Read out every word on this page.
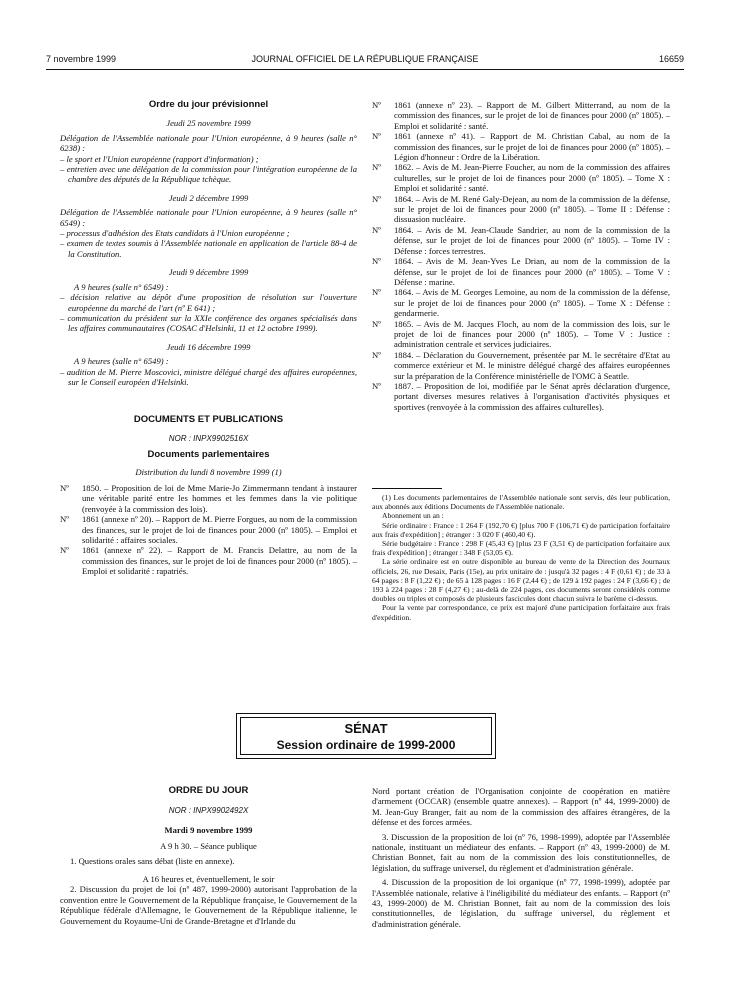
7 novembre 1999	JOURNAL OFFICIEL DE LA RÉPUBLIQUE FRANÇAISE	16659

Ordre du jour prévisionnel

Jeudi 25 novembre 1999

Délégation de l'Assemblée nationale pour l'Union européenne, à 9 heures (salle n° 6238) :

– le sport et l'Union européenne (rapport d'information) ;

– entretien avec une délégation de la commission pour l'intégration européenne de la chambre des députés de la République tchèque.

Jeudi 2 décembre 1999

Délégation de l'Assemblée nationale pour l'Union européenne, à 9 heures (salle n° 6549) :

– processus d'adhésion des Etats candidats à l'Union européenne ;

– examen de textes soumis à l'Assemblée nationale en application de l'article 88-4 de la Constitution.

Jeudi 9 décembre 1999

A 9 heures (salle n° 6549) :

– décision relative au dépôt d'une proposition de résolution sur l'ouverture européenne du marché de l'art (nº E 641) ;

– communication du président sur la XXIe conférence des organes spécialisés dans les affaires communautaires (COSAC d'Helsinki, 11 et 12 octobre 1999).

Jeudi 16 décembre 1999

A 9 heures (salle n° 6549) :

– audition de M. Pierre Moscovici, ministre délégué chargé des affaires européennes, sur le Conseil européen d'Helsinki.

DOCUMENTS ET PUBLICATIONS

NOR : INPX9902516X

Documents parlementaires

Distribution du lundi 8 novembre 1999 (1)

Nº	1850. – Proposition de loi de Mme Marie-Jo Zimmermann tendant à instaurer une véritable parité entre les hommes et les femmes dans la vie politique (renvoyée à la commission des lois).
Nº	1861 (annexe nº 20). – Rapport de M. Pierre Forgues, au nom de la commission des finances, sur le projet de loi de finances pour 2000 (nº 1805). – Emploi et solidarité : affaires sociales.
Nº	1861 (annexe nº 22). – Rapport de M. Francis Delattre, au nom de la commission des finances, sur le projet de loi de finances pour 2000 (nº 1805). – Emploi et solidarité : rapatriés.
Nº	1861 (annexe nº 23). – Rapport de M. Gilbert Mitterrand, au nom de la commission des finances, sur le projet de loi de finances pour 2000 (nº 1805). – Emploi et solidarité : santé.
Nº	1861 (annexe nº 41). – Rapport de M. Christian Cabal, au nom de la commission des finances, sur le projet de loi de finances pour 2000 (nº 1805). – Légion d'honneur : Ordre de la Libération.
Nº	1862. – Avis de M. Jean-Pierre Foucher, au nom de la commission des affaires culturelles, sur le projet de loi de finances pour 2000 (nº 1805). – Tome X : Emploi et solidarité : santé.
Nº	1864. – Avis de M. René Galy-Dejean, au nom de la commission de la défense, sur le projet de loi de finances pour 2000 (nº 1805). – Tome II : Défense : dissuasion nucléaire.
Nº	1864. – Avis de M. Jean-Claude Sandrier, au nom de la commission de la défense, sur le projet de loi de finances pour 2000 (nº 1805). – Tome IV : Défense : forces terrestres.
Nº	1864. – Avis de M. Jean-Yves Le Drian, au nom de la commission de la défense, sur le projet de loi de finances pour 2000 (nº 1805). – Tome V : Défense : marine.
Nº	1864. – Avis de M. Georges Lemoine, au nom de la commission de la défense, sur le projet de loi de finances pour 2000 (nº 1805). – Tome X : Défense : gendarmerie.
Nº	1865. – Avis de M. Jacques Floch, au nom de la commission des lois, sur le projet de loi de finances pour 2000 (nº 1805). – Tome V : Justice : administration centrale et services judiciaires.
Nº	1884. – Déclaration du Gouvernement, présentée par M. le secrétaire d'Etat au commerce extérieur et M. le ministre délégué chargé des affaires européennes sur la préparation de la Conférence ministérielle de l'OMC à Seattle.
Nº	1887. – Proposition de loi, modifiée par le Sénat après déclaration d'urgence, portant diverses mesures relatives à l'organisation d'activités physiques et sportives (renvoyée à la commission des affaires culturelles).

(1) Les documents parlementaires de l'Assemblée nationale sont servis, dès leur publication, aux abonnés aux éditions Documents de l'Assemblée nationale.

Abonnement un an :

Série ordinaire : France : 1 264 F (192,70 €) [plus 700 F (106,71 €) de participation forfaitaire aux frais d'expédition] ; étranger : 3 020 F (460,40 €).

Série budgétaire : France : 298 F (45,43 €) [plus 23 F (3,51 €) de participation forfaitaire aux frais d'expédition] ; étranger : 348 F (53,05 €).

La série ordinaire est en outre disponible au bureau de vente de la Direction des Journaux officiels, 26, rue Desaix, Paris (15e), au prix unitaire de : jusqu'à 32 pages : 4 F (0,61 €) ; de 33 à 64 pages : 8 F (1,22 €) ; de 65 à 128 pages : 16 F (2,44 €) ; de 129 à 192 pages : 24 F (3,66 €) ; de 193 à 224 pages : 28 F (4,27 €) ; au-delà de 224 pages, ces documents seront considérés comme doubles ou triples et composés de plusieurs fascicules dont chacun suivra le barème ci-dessus.

Pour la vente par correspondance, ce prix est majoré d'une participation forfaitaire aux frais d'expédition.

SÉNAT
Session ordinaire de 1999-2000

ORDRE DU JOUR

NOR : INPX9902492X

Mardi 9 novembre 1999

A 9 h 30. – Séance publique

1. Questions orales sans débat (liste en annexe).

A 16 heures et, éventuellement, le soir

2. Discussion du projet de loi (nº 487, 1999-2000) autorisant l'approbation de la convention entre le Gouvernement de la République française, le Gouvernement de la République fédérale d'Allemagne, le Gouvernement de la République italienne, le Gouvernement du Royaume-Uni de Grande-Bretagne et d'Irlande du

Nord portant création de l'Organisation conjointe de coopération en matière d'armement (OCCAR) (ensemble quatre annexes). – Rapport (nº 44, 1999-2000) de M. Jean-Guy Branger, fait au nom de la commission des affaires étrangères, de la défense et des forces armées.

3. Discussion de la proposition de loi (nº 76, 1998-1999), adoptée par l'Assemblée nationale, instituant un médiateur des enfants. – Rapport (nº 43, 1999-2000) de M. Christian Bonnet, fait au nom de la commission des lois constitutionnelles, de législation, du suffrage universel, du règlement et d'administration générale.

4. Discussion de la proposition de loi organique (nº 77, 1998-1999), adoptée par l'Assemblée nationale, relative à l'inéligibilité du médiateur des enfants. – Rapport (nº 43, 1999-2000) de M. Christian Bonnet, fait au nom de la commission des lois constitutionnelles, de législation, du suffrage universel, du règlement et d'administration générale.
